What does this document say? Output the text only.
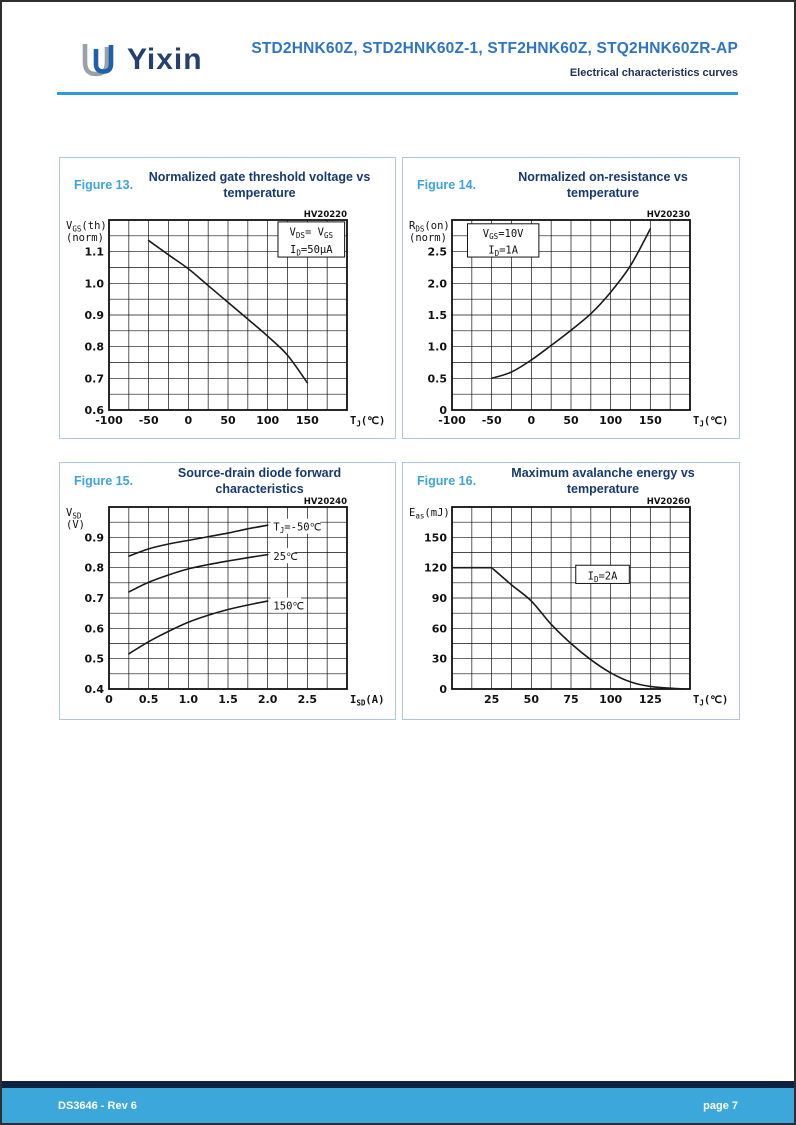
Yixin	STD2HNK60Z, STD2HNK60Z-1, STF2HNK60Z, STQ2HNK60ZR-AP
Electrical characteristics curves
Figure 13.
Normalized gate threshold voltage vs temperature
HV20220
$V_{GS}(th)$
(norm)
$T_J(℃)$
-100 -50 0	50 100 150
0.6
0.7
0.8
0.9
1.0
1.1
$V_{DS}= V_{GS}$
$I_D=50\mu A$
Figure 14.
Normalized on-resistance vs temperature
HV20230
$R_{DS}(on)$
(norm)
$T_J(℃)$
-100 -50 0	50 100 150
0
0.5
1.0
1.5
2.0
2.5
$V_{GS}=10V$
$I_D=1A$
Figure 15.
Source-drain diode forward characteristics
HV20240
$V_{SD}$
(V)
$I_{SD}(A)$
0 0.5 1.0 1.5 2.0 2.5
0.4
0.5
0.6
0.7
0.8
0.9
$T_J=-50℃$
25℃
150℃
Figure 16.
Maximum avalanche energy vs temperature
HV20260
$E_{as}(mJ)$
$T_J(℃)$
25 50 75 100 125
0
30
60
90
120
150
$I_D=2A$
DS3646 - Rev 6	page 7
